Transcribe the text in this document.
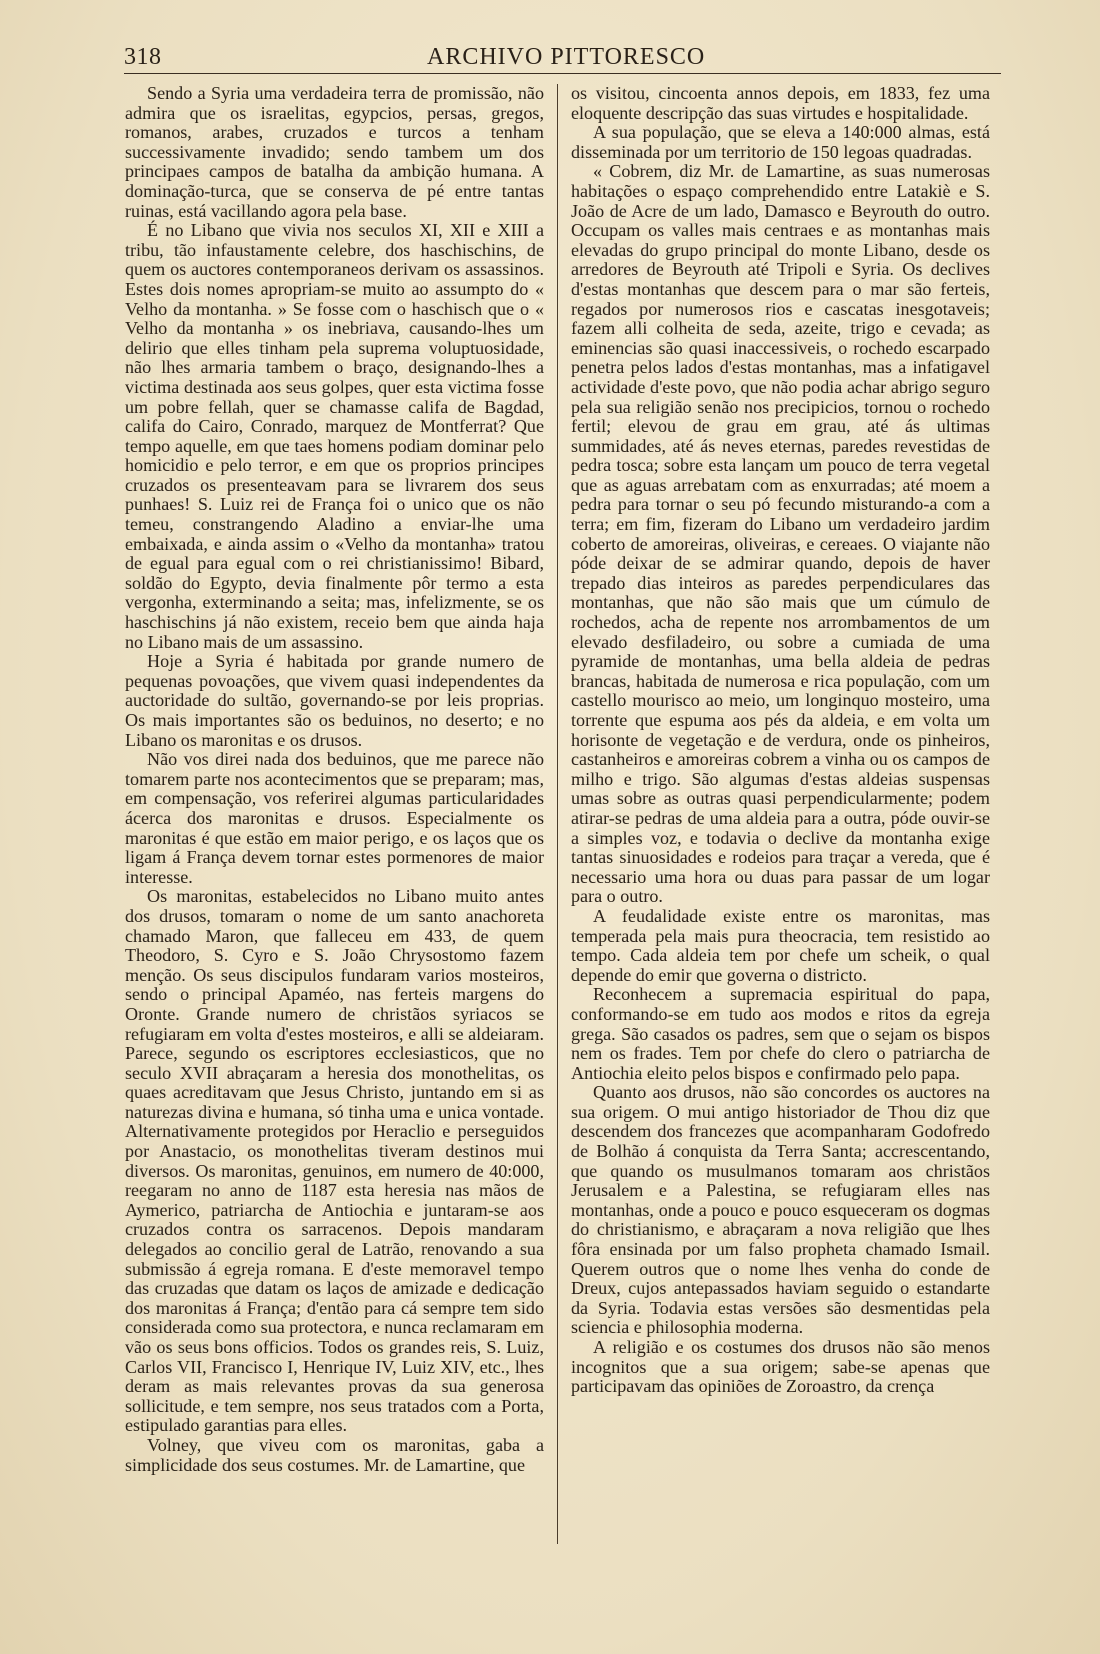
318	ARCHIVO PITTORESCO

Sendo a Syria uma verdadeira terra de promissão, não admira que os israelitas, egypcios, persas, gregos, romanos, arabes, cruzados e turcos a tenham successivamente invadido; sendo tambem um dos principaes campos de batalha da ambição humana. A dominação-turca, que se conserva de pé entre tantas ruinas, está vacillando agora pela base.

É no Libano que vivia nos seculos XI, XII e XIII a tribu, tão infaustamente celebre, dos haschischins, de quem os auctores contemporaneos derivam os assassinos. Estes dois nomes apropriam-se muito ao assumpto do « Velho da montanha. » Se fosse com o haschisch que o « Velho da montanha » os inebriava, causando-lhes um delirio que elles tinham pela suprema voluptuosidade, não lhes armaria tambem o braço, designando-lhes a victima destinada aos seus golpes, quer esta victima fosse um pobre fellah, quer se chamasse califa de Bagdad, califa do Cairo, Conrado, marquez de Montferrat? Que tempo aquelle, em que taes homens podiam dominar pelo homicidio e pelo terror, e em que os proprios principes cruzados os presenteavam para se livrarem dos seus punhaes! S. Luiz rei de França foi o unico que os não temeu, constrangendo Aladino a enviar-lhe uma embaixada, e ainda assim o «Velho da montanha» tratou de egual para egual com o rei christianissimo! Bibard, soldão do Egypto, devia finalmente pôr termo a esta vergonha, exterminando a seita; mas, infelizmente, se os haschischins já não existem, receio bem que ainda haja no Libano mais de um assassino.

Hoje a Syria é habitada por grande numero de pequenas povoações, que vivem quasi independentes da auctoridade do sultão, governando-se por leis proprias. Os mais importantes são os beduinos, no deserto; e no Libano os maronitas e os drusos.

Não vos direi nada dos beduinos, que me parece não tomarem parte nos acontecimentos que se preparam; mas, em compensação, vos referirei algumas particularidades ácerca dos maronitas e drusos. Especialmente os maronitas é que estão em maior perigo, e os laços que os ligam á França devem tornar estes pormenores de maior interesse.

Os maronitas, estabelecidos no Libano muito antes dos drusos, tomaram o nome de um santo anachoreta chamado Maron, que falleceu em 433, de quem Theodoro, S. Cyro e S. João Chrysostomo fazem menção. Os seus discipulos fundaram varios mosteiros, sendo o principal Apaméo, nas ferteis margens do Oronte. Grande numero de christãos syriacos se refugiaram em volta d'estes mosteiros, e alli se aldeiaram. Parece, segundo os escriptores ecclesiasticos, que no seculo XVII abraçaram a heresia dos monothelitas, os quaes acreditavam que Jesus Christo, juntando em si as naturezas divina e humana, só tinha uma e unica vontade. Alternativamente protegidos por Heraclio e perseguidos por Anastacio, os monothelitas tiveram destinos mui diversos. Os maronitas, genuinos, em numero de 40:000, reegaram no anno de 1187 esta heresia nas mãos de Aymerico, patriarcha de Antiochia e juntaram-se aos cruzados contra os sarracenos. Depois mandaram delegados ao concilio geral de Latrão, renovando a sua submissão á egreja romana. E d'este memoravel tempo das cruzadas que datam os laços de amizade e dedicação dos maronitas á França; d'então para cá sempre tem sido considerada como sua protectora, e nunca reclamaram em vão os seus bons officios. Todos os grandes reis, S. Luiz, Carlos VII, Francisco I, Henrique IV, Luiz XIV, etc., lhes deram as mais relevantes provas da sua generosa sollicitude, e tem sempre, nos seus tratados com a Porta, estipulado garantias para elles.

Volney, que viveu com os maronitas, gaba a simplicidade dos seus costumes. Mr. de Lamartine, que

os visitou, cincoenta annos depois, em 1833, fez uma eloquente descripção das suas virtudes e hospitalidade.

A sua população, que se eleva a 140:000 almas, está disseminada por um territorio de 150 legoas quadradas.

« Cobrem, diz Mr. de Lamartine, as suas numerosas habitações o espaço comprehendido entre Latakiè e S. João de Acre de um lado, Damasco e Beyrouth do outro. Occupam os valles mais centraes e as montanhas mais elevadas do grupo principal do monte Libano, desde os arredores de Beyrouth até Tripoli e Syria. Os declives d'estas montanhas que descem para o mar são ferteis, regados por numerosos rios e cascatas inesgotaveis; fazem alli colheita de seda, azeite, trigo e cevada; as eminencias são quasi inaccessiveis, o rochedo escarpado penetra pelos lados d'estas montanhas, mas a infatigavel actividade d'este povo, que não podia achar abrigo seguro pela sua religião senão nos precipicios, tornou o rochedo fertil; elevou de grau em grau, até ás ultimas summidades, até ás neves eternas, paredes revestidas de pedra tosca; sobre esta lançam um pouco de terra vegetal que as aguas arrebatam com as enxurradas; até moem a pedra para tornar o seu pó fecundo misturando-a com a terra; em fim, fizeram do Libano um verdadeiro jardim coberto de amoreiras, oliveiras, e cereaes. O viajante não póde deixar de se admirar quando, depois de haver trepado dias inteiros as paredes perpendiculares das montanhas, que não são mais que um cúmulo de rochedos, acha de repente nos arrombamentos de um elevado desfiladeiro, ou sobre a cumiada de uma pyramide de montanhas, uma bella aldeia de pedras brancas, habitada de numerosa e rica população, com um castello mourisco ao meio, um longinquo mosteiro, uma torrente que espuma aos pés da aldeia, e em volta um horisonte de vegetação e de verdura, onde os pinheiros, castanheiros e amoreiras cobrem a vinha ou os campos de milho e trigo. São algumas d'estas aldeias suspensas umas sobre as outras quasi perpendicularmente; podem atirar-se pedras de uma aldeia para a outra, póde ouvir-se a simples voz, e todavia o declive da montanha exige tantas sinuosidades e rodeios para traçar a vereda, que é necessario uma hora ou duas para passar de um logar para o outro.

A feudalidade existe entre os maronitas, mas temperada pela mais pura theocracia, tem resistido ao tempo. Cada aldeia tem por chefe um scheik, o qual depende do emir que governa o districto.

Reconhecem a supremacia espiritual do papa, conformando-se em tudo aos modos e ritos da egreja grega. São casados os padres, sem que o sejam os bispos nem os frades. Tem por chefe do clero o patriarcha de Antiochia eleito pelos bispos e confirmado pelo papa.

Quanto aos drusos, não são concordes os auctores na sua origem. O mui antigo historiador de Thou diz que descendem dos francezes que acompanharam Godofredo de Bolhão á conquista da Terra Santa; accrescentando, que quando os musulmanos tomaram aos christãos Jerusalem e a Palestina, se refugiaram elles nas montanhas, onde a pouco e pouco esqueceram os dogmas do christianismo, e abraçaram a nova religião que lhes fôra ensinada por um falso propheta chamado Ismail. Querem outros que o nome lhes venha do conde de Dreux, cujos antepassados haviam seguido o estandarte da Syria. Todavia estas versões são desmentidas pela sciencia e philosophia moderna.

A religião e os costumes dos drusos não são menos incognitos que a sua origem; sabe-se apenas que participavam das opiniões de Zoroastro, da crença
